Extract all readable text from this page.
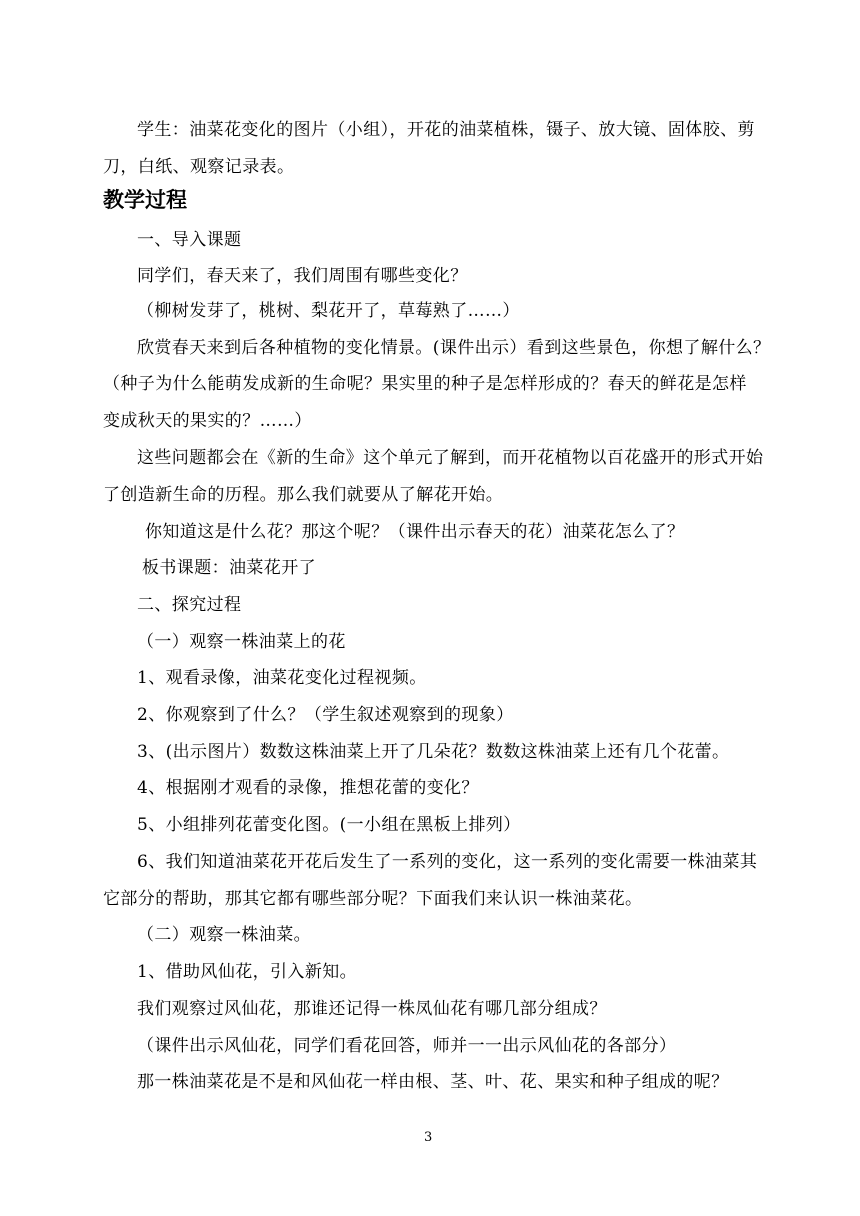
学生：油菜花变化的图片（小组），开花的油菜植株，镊子、放大镜、固体胶、剪
刀，白纸、观察记录表。
教学过程
一、导入课题
同学们，春天来了，我们周围有哪些变化？
（柳树发芽了，桃树、梨花开了，草莓熟了……）
欣赏春天来到后各种植物的变化情景。(课件出示）看到这些景色，你想了解什么？
（种子为什么能萌发成新的生命呢？果实里的种子是怎样形成的？春天的鲜花是怎样
变成秋天的果实的？……）
这些问题都会在《新的生命》这个单元了解到，而开花植物以百花盛开的形式开始
了创造新生命的历程。那么我们就要从了解花开始。
你知道这是什么花？那这个呢？（课件出示春天的花）油菜花怎么了？
板书课题：油菜花开了
二、探究过程
（一）观察一株油菜上的花
1、观看录像，油菜花变化过程视频。
2、你观察到了什么？（学生叙述观察到的现象）
3、(出示图片）数数这株油菜上开了几朵花？数数这株油菜上还有几个花蕾。
4、根据刚才观看的录像，推想花蕾的变化？
5、小组排列花蕾变化图。(一小组在黑板上排列）
6、我们知道油菜花开花后发生了一系列的变化，这一系列的变化需要一株油菜其
它部分的帮助，那其它都有哪些部分呢？下面我们来认识一株油菜花。
（二）观察一株油菜。
1、借助风仙花，引入新知。
我们观察过风仙花，那谁还记得一株凤仙花有哪几部分组成？
（课件出示风仙花，同学们看花回答，师并一一出示风仙花的各部分）
那一株油菜花是不是和风仙花一样由根、茎、叶、花、果实和种子组成的呢？
3
